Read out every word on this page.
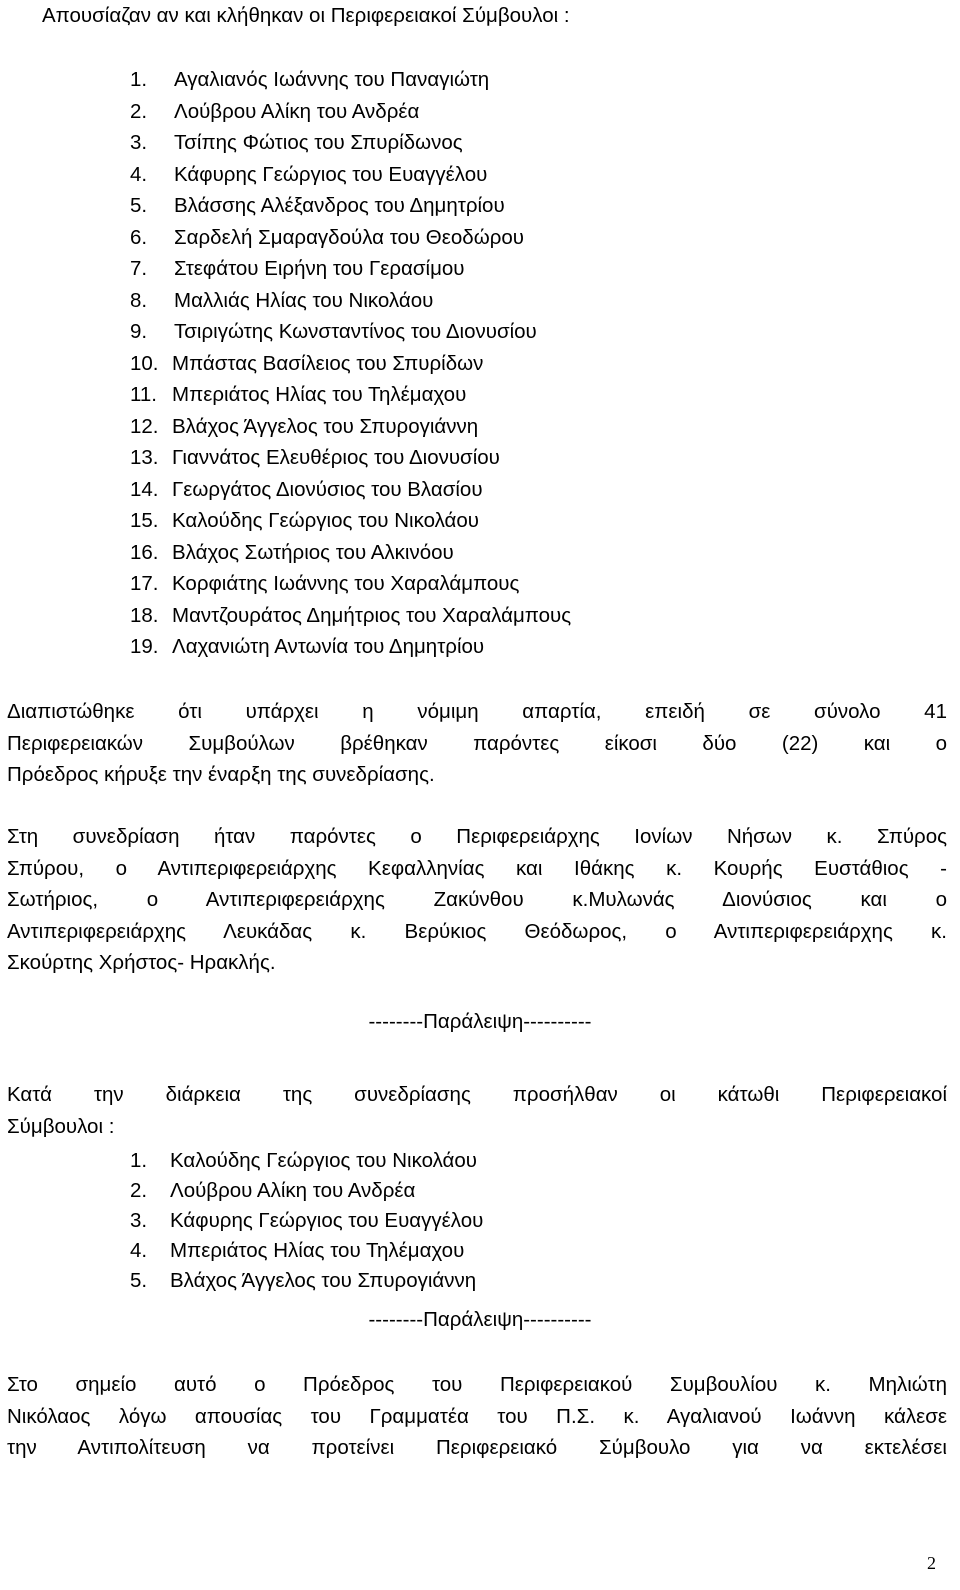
Απουσίαζαν αν και κλήθηκαν οι Περιφερειακοί Σύμβουλοι :
1.	Αγαλιανός Ιωάννης του Παναγιώτη
2.	Λούβρου Αλίκη του Ανδρέα
3.	Τσίπης Φώτιος του Σπυρίδωνος
4.	Κάφυρης Γεώργιος του Ευαγγέλου
5.	Βλάσσης Αλέξανδρος του Δημητρίου
6.	Σαρδελή Σμαραγδούλα του Θεοδώρου
7.	Στεφάτου Ειρήνη του Γερασίμου
8.	Μαλλιάς Ηλίας του Νικολάου
9.	Τσιριγώτης Κωνσταντίνος του Διονυσίου
10. Μπάστας Βασίλειος του Σπυρίδων
11. Μπεριάτος Ηλίας του Τηλέμαχου
12. Βλάχος Άγγελος του Σπυρογιάννη
13. Γιαννάτος Ελευθέριος του Διονυσίου
14. Γεωργάτος Διονύσιος του Βλασίου
15. Καλούδης Γεώργιος του Νικολάου
16. Βλάχος Σωτήριος του Αλκινόου
17. Κορφιάτης Ιωάννης του Χαραλάμπους
18. Μαντζουράτος Δημήτριος του Χαραλάμπους
19. Λαχανιώτη Αντωνία του Δημητρίου
Διαπιστώθηκε ότι υπάρχει η νόμιμη απαρτία, επειδή σε σύνολο 41
Περιφερειακών Συμβούλων βρέθηκαν παρόντες είκοσι δύο (22) και ο
Πρόεδρος κήρυξε την έναρξη της συνεδρίασης.
Στη συνεδρίαση ήταν παρόντες ο Περιφερειάρχης Ιονίων Νήσων κ. Σπύρος
Σπύρου, ο Αντιπεριφερειάρχης Κεφαλληνίας και Ιθάκης κ. Κουρής Ευστάθιος -
Σωτήριος, ο Αντιπεριφερειάρχης Ζακύνθου κ.Μυλωνάς Διονύσιος και ο
Αντιπεριφερειάρχης Λευκάδας κ. Βερύκιος Θεόδωρος, ο Αντιπεριφερειάρχης κ.
Σκούρτης Χρήστος- Ηρακλής.
--------Παράλειψη----------
Κατά την διάρκεια της συνεδρίασης προσήλθαν οι κάτωθι Περιφερειακοί
Σύμβουλοι :
1.	Καλούδης Γεώργιος του Νικολάου
2.	Λούβρου Αλίκη του Ανδρέα
3.	Κάφυρης Γεώργιος του Ευαγγέλου
4.	Μπεριάτος Ηλίας του Τηλέμαχου
5.	Βλάχος Άγγελος του Σπυρογιάννη
--------Παράλειψη----------
Στο σημείο αυτό ο Πρόεδρος του Περιφερειακού Συμβουλίου κ. Μηλιώτη
Νικόλαος λόγω απουσίας του Γραμματέα του Π.Σ. κ. Αγαλιανού Ιωάννη κάλεσε
την Αντιπολίτευση να προτείνει Περιφερειακό Σύμβουλο για να εκτελέσει
2
